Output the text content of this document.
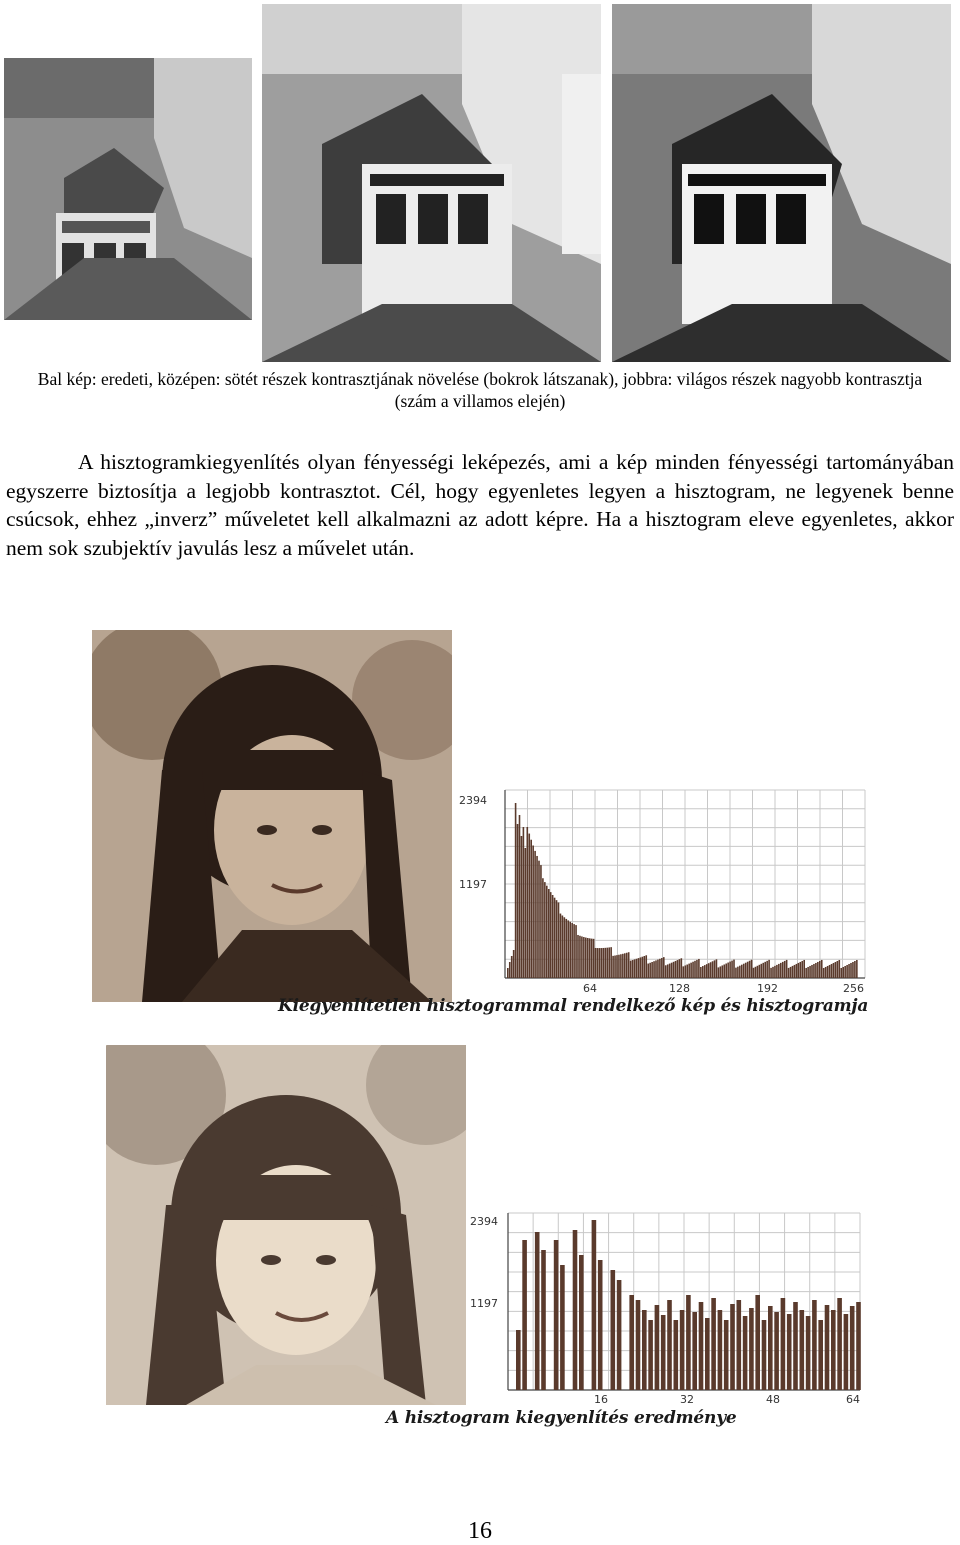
Bal kép: eredeti, középen: sötét részek kontrasztjának növelése (bokrok látszanak), jobbra: világos részek nagyobb kontrasztja (szám a villamos elején)
A hisztogramkiegyenlítés olyan fényességi leképezés, ami a kép minden fényességi tartományában egyszerre biztosítja a legjobb kontrasztot. Cél, hogy egyenletes legyen a hisztogram, ne legyenek benne csúcsok, ehhez „inverz” műveletet kell alkalmazni az adott képre. Ha a hisztogram eleve egyenletes, akkor nem sok szubjektív javulás lesz a művelet után.
2394
1197
64	128	192	256
Kiegyenlítetlen hisztogrammal rendelkező kép és hisztogramja
2394
1197
16	32	48	64
A hisztogram kiegyenlítés eredménye
16
